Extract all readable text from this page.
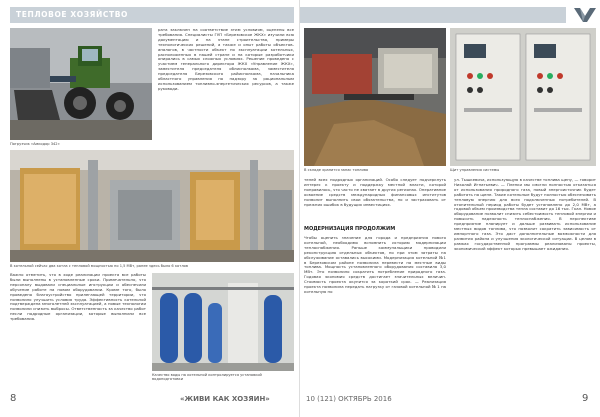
ТЕПЛОВОЕ ХОЗЯЙСТВО
Погрузчик «Амкодор 342»

рата заключен на соответствие этим условиям, оценены все требования. Специалисты ГУП «Березовское ЖКХ» изучили всю документацию и на этапе строительства, примеры технологических решений, а также и опыт работы объектов-аналогов, в частности объект по эксплуатации котельных, расположенных в нашей стране и на которые разработчики опирались в самых сложных условиях. Решение проведено с участием генерального директора ЖКХ «Управление ЖКХ», заместителя председателя облисполкома, заместителя председателя Березовского райисполкома, начальника областного управления по надзору за рациональным использованием топливно-энергетических ресурсов, а также руководи-

В котельной сейчас два котла с тепловой мощностью по 1,5 МВт, ранее здесь было 6 котлов

Важно отметить, что в ходе реализации проекта все работы были выполнены в установленные сроки. Примечательно, что персоналу выдавали специальные инструкции и обеспечили обучение работе на новом оборудовании. Кроме того, было проведено благоустройство прилегающей территории, что позволило улучшить условия труда. Эффективность котельной подтверждена многолетней эксплуатацией, а новые технологии позволили снизить выбросы. Ответственность за качество работ несли подрядные организации, которые выполнили все требования.

Качество воды на котельной контролируется установкой водоподготовки
8	«ЖИВИ КАК ХОЗЯИН»
В складе хранится запас топлива	Щит управления системы

телей всех подрядных организаций. Особо следует подчеркнуть интерес к проекту и поддержку местной власти, которой понравилось, что часто не хватает в других регионах. Оперативное освоение средств международных финансовых институтов позволит выполнить свои обязательства, но и застраховать от прежних ошибок в будущих инвестициях.

МОДЕРНИЗАЦИЯ ПРОДОЛЖИМ

Чтобы оценить значение для города и предприятия нового котельной, необходимо вспомнить историю модернизации теплоснабжения. Раньше коммунальщики проводили реконструкцию отдельных объектов, но при этом затраты на обслуживание оставались высокими. Модернизация котельной №1 в Березовском районе позволила перевести на местные виды топлива. Мощность установленного оборудования составила 3,0 МВт. Это позволило сократить потребление природного газа. Годовая экономия средств достигает значительных величин. Стоимость проекта окупится за короткий срок. — Реализация проекта позволила передать нагрузку от газовой котельной № 1 на котельную по

ул. Тышкевича, использующую в качестве топлива щепу, — говорит Николай Игнатьевич. — Пленки мы смогли полностью отказаться от использования природного газа, новый энергоисточник будет работать на щепе. Такие котельные будут полностью обеспечивать тепловую энергию для всех подключенных потребителей. В отопительный период работы будет установлено до 2,0 МВт, а годовой объем производства тепла составит до 16 тыс. Гкал. Новое оборудование позволит снизить себестоимость тепловой энергии и повысить надежность теплоснабжения. В перспективе предприятие планирует и дальше развивать использование местных видов топлива, что позволит сократить зависимость от импортного газа. Это даст дополнительные возможности для развития района и улучшения экологической ситуации. В целом в рамках государственной программы реализованы проекты, экономический эффект которых превышает ожидания.

10 (121) ОКТЯБРЬ 2016	9
